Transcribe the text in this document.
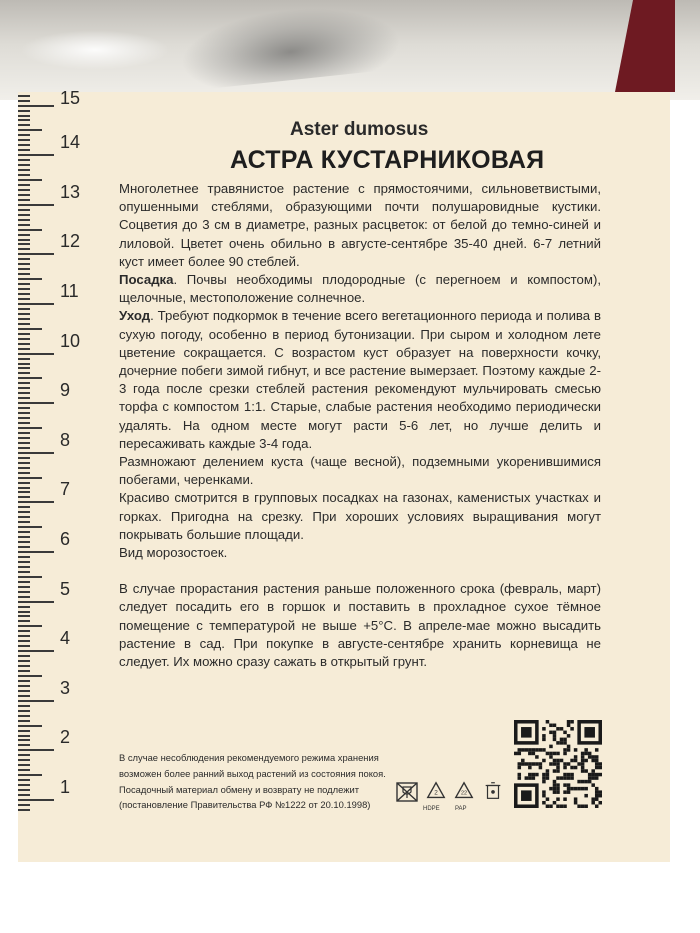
1
2
3
4
5
6
7
8
9
10
11
12
13
14
15
Aster dumosus
АСТРА КУСТАРНИКОВАЯ

Многолетнее травянистое растение с прямостоячими, сильноветвистыми, опушенными стеблями, образующими почти полушаровидные кустики. Соцветия до 3 см в диаметре, разных расцветок: от белой до темно-синей и лиловой. Цветет очень обильно в августе-сентябре 35-40 дней. 6-7 летний куст имеет более 90 стеблей.

Посадка. Почвы необходимы плодородные (с перегноем и компостом), щелочные, местоположение солнечное.

Уход. Требуют подкормок в течение всего вегетационного периода и полива в сухую погоду, особенно в период бутонизации. При сыром и холодном лете цветение сокращается. С возрастом куст образует на поверхности кочку, дочерние побеги зимой гибнут, и все растение вымерзает. Поэтому каждые 2-3 года после срезки стеблей растения рекомендуют мульчировать смесью торфа с компостом 1:1. Старые, слабые растения необходимо периодически удалять. На одном месте могут расти 5-6 лет, но лучше делить и пересаживать каждые 3-4 года.

Размножают делением куста (чаще весной), подземными укоренившимися побегами, черенками.

Красиво смотрится в групповых посадках на газонах, каменистых участках и горках. Пригодна на срезку. При хороших условиях выращивания могут покрывать большие площади.

Вид морозостоек.

В случае прорастания растения раньше положенного срока (февраль, март) следует посадить его в горшок и поставить в прохладное сухое тёмное помещение с температурой не выше +5°С. В апреле-мае можно высадить растение в сад. При покупке в августе-сентябре хранить корневища не следует. Их можно сразу сажать в открытый грунт.

В случае несоблюдения рекомендуемого режима хранения

возможен более ранний выход растений из состояния покоя.

Посадочный материал обмену и возврату не подлежит

(постановление Правительства РФ №1222 от 20.10.1998)

2
HDPE
22
PAP
